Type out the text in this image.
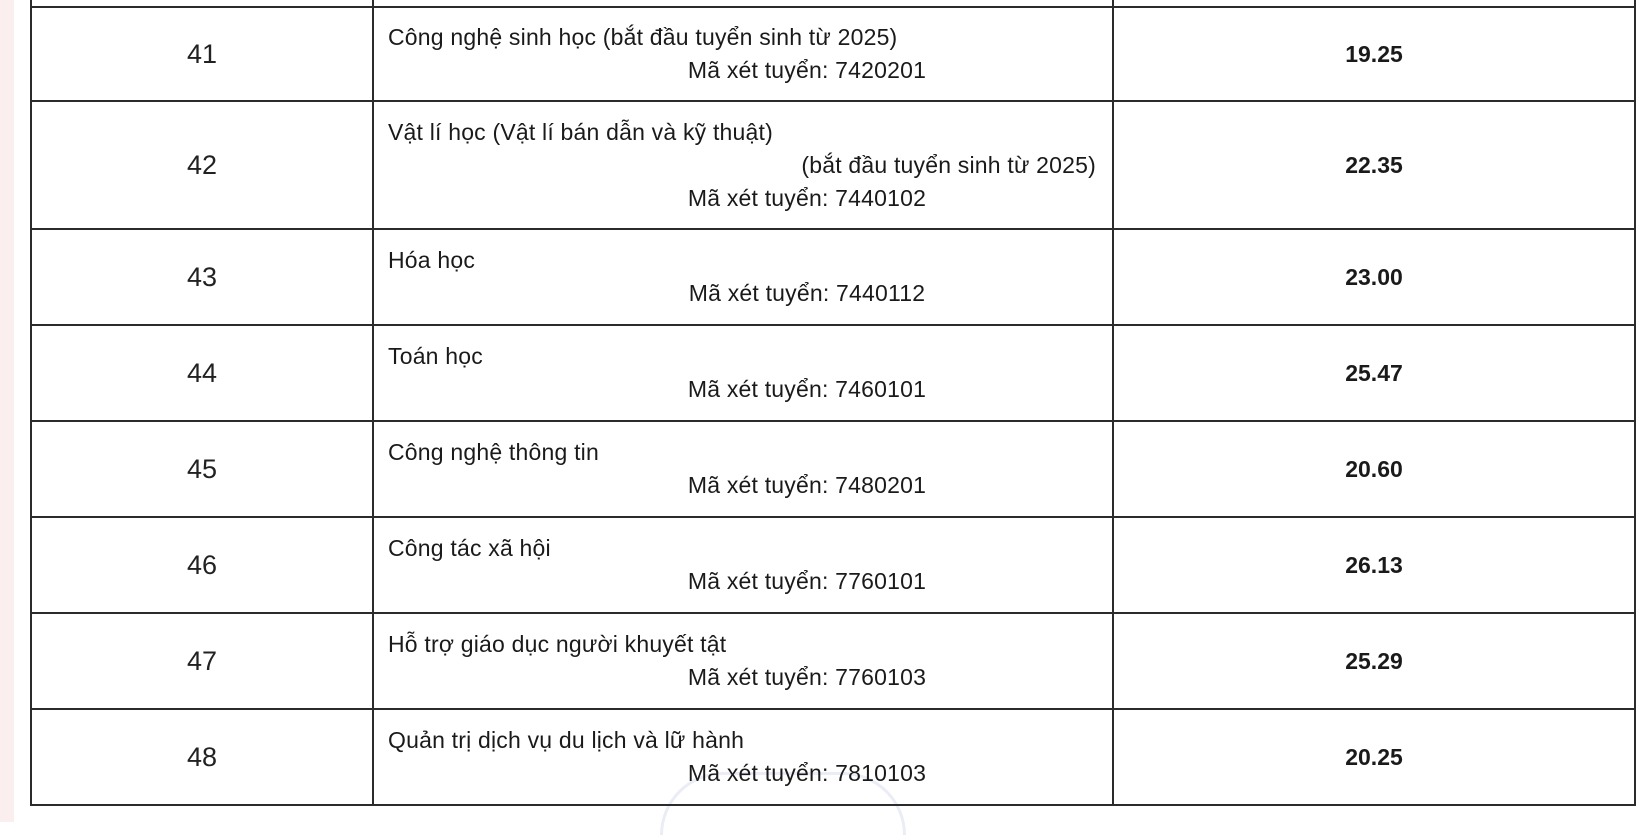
41	Công nghệ sinh học (bắt đầu tuyển sinh từ 2025)
Mã xét tuyển: 7420201	19.25
42	Vật lí học (Vật lí bán dẫn và kỹ thuật)
(bắt đầu tuyển sinh từ 2025)
Mã xét tuyển: 7440102	22.35
43	Hóa học
Mã xét tuyển: 7440112	23.00
44	Toán học
Mã xét tuyển: 7460101	25.47
45	Công nghệ thông tin
Mã xét tuyển: 7480201	20.60
46	Công tác xã hội
Mã xét tuyển: 7760101	26.13
47	Hỗ trợ giáo dục người khuyết tật
Mã xét tuyển: 7760103	25.29
48	Quản trị dịch vụ du lịch và lữ hành
Mã xét tuyển: 7810103	20.25
